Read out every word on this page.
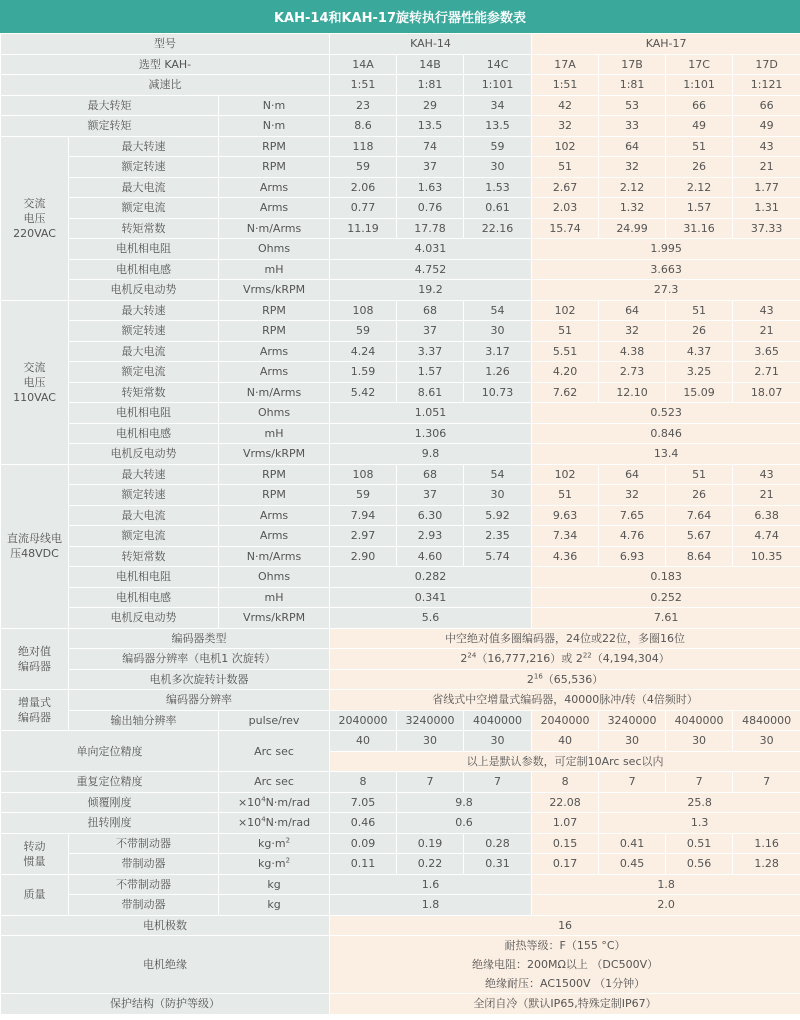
KAH-14和KAH-17旋转执行器性能参数表
型号			KAH-14			KAH-17			
选型 KAH-			14A	14B	14C	17A	17B	17C	17D
减速比			1:51	1:81	1:101	1:51	1:81	1:101	1:121
最大转矩		N·m	23	29	34	42	53	66	66
额定转矩		N·m	8.6	13.5	13.5	32	33	49	49
交流
电压
220VAC	最大转速	RPM	118	74	59	102	64	51	43
	额定转速	RPM	59	37	30	51	32	26	21
	最大电流	Arms	2.06	1.63	1.53	2.67	2.12	2.12	1.77
	额定电流	Arms	0.77	0.76	0.61	2.03	1.32	1.57	1.31
	转矩常数	N·m/Arms	11.19	17.78	22.16	15.74	24.99	31.16	37.33
	电机相电阻	Ohms	4.031			1.995			
	电机相电感	mH	4.752			3.663			
	电机反电动势	Vrms/kRPM	19.2			27.3			
交流
电压
110VAC	最大转速	RPM	108	68	54	102	64	51	43
	额定转速	RPM	59	37	30	51	32	26	21
	最大电流	Arms	4.24	3.37	3.17	5.51	4.38	4.37	3.65
	额定电流	Arms	1.59	1.57	1.26	4.20	2.73	3.25	2.71
	转矩常数	N·m/Arms	5.42	8.61	10.73	7.62	12.10	15.09	18.07
	电机相电阻	Ohms	1.051			0.523			
	电机相电感	mH	1.306			0.846			
	电机反电动势	Vrms/kRPM	9.8			13.4			
直流母线电
压48VDC	最大转速	RPM	108	68	54	102	64	51	43
	额定转速	RPM	59	37	30	51	32	26	21
	最大电流	Arms	7.94	6.30	5.92	9.63	7.65	7.64	6.38
	额定电流	Arms	2.97	2.93	2.35	7.34	4.76	5.67	4.74
	转矩常数	N·m/Arms	2.90	4.60	5.74	4.36	6.93	8.64	10.35
	电机相电阻	Ohms	0.282			0.183			
	电机相电感	mH	0.341			0.252			
	电机反电动势	Vrms/kRPM	5.6			7.61			
绝对值
编码器	编码器类型		中空绝对值多圈编码器，24位或22位，多圈16位						
	编码器分辨率（电机1 次旋转）		$2^{24}(16,777,216)$或 $2^{22}(4,194,304)$						
	电机多次旋转计数器		$2^{16}(65,536)$						
增量式
编码器	编码器分辨率		省线式中空增量式编码器，40000脉冲/转（4倍频时）						
	输出轴分辨率	pulse/rev	2040000	3240000	4040000	2040000	3240000	4040000	4840000
单向定位精度		Arc sec	40	30	30	40	30	30	30
			以上是默认参数，可定制10Arc sec以内						
重复定位精度		Arc sec	8	7	7	8	7	7	7
倾覆刚度		$\times 10^4N\cdot m$/rad	7.05	9.8		22.08	25.8		
扭转刚度		$\times 10^4N\cdot m$/rad	0.46	0.6		1.07	1.3		
转动
惯量	不带制动器	$kg\cdot m^2$	0.09	0.19	0.28	0.15	0.41	0.51	1.16
	带制动器	$kg\cdot m^2$	0.11	0.22	0.31	0.17	0.45	0.56	1.28
质量	不带制动器	kg	1.6			1.8			
	带制动器	kg	1.8			2.0			
电机极数			16						
电机绝缘			耐热等级：F（155 °C）
绝缘电阻：200MΩ以上 （DC500V）
绝缘耐压：AC1500V （1分钟）						

保护结构（防护等级）			全闭自冷（默认IP65,特殊定制IP67）						
